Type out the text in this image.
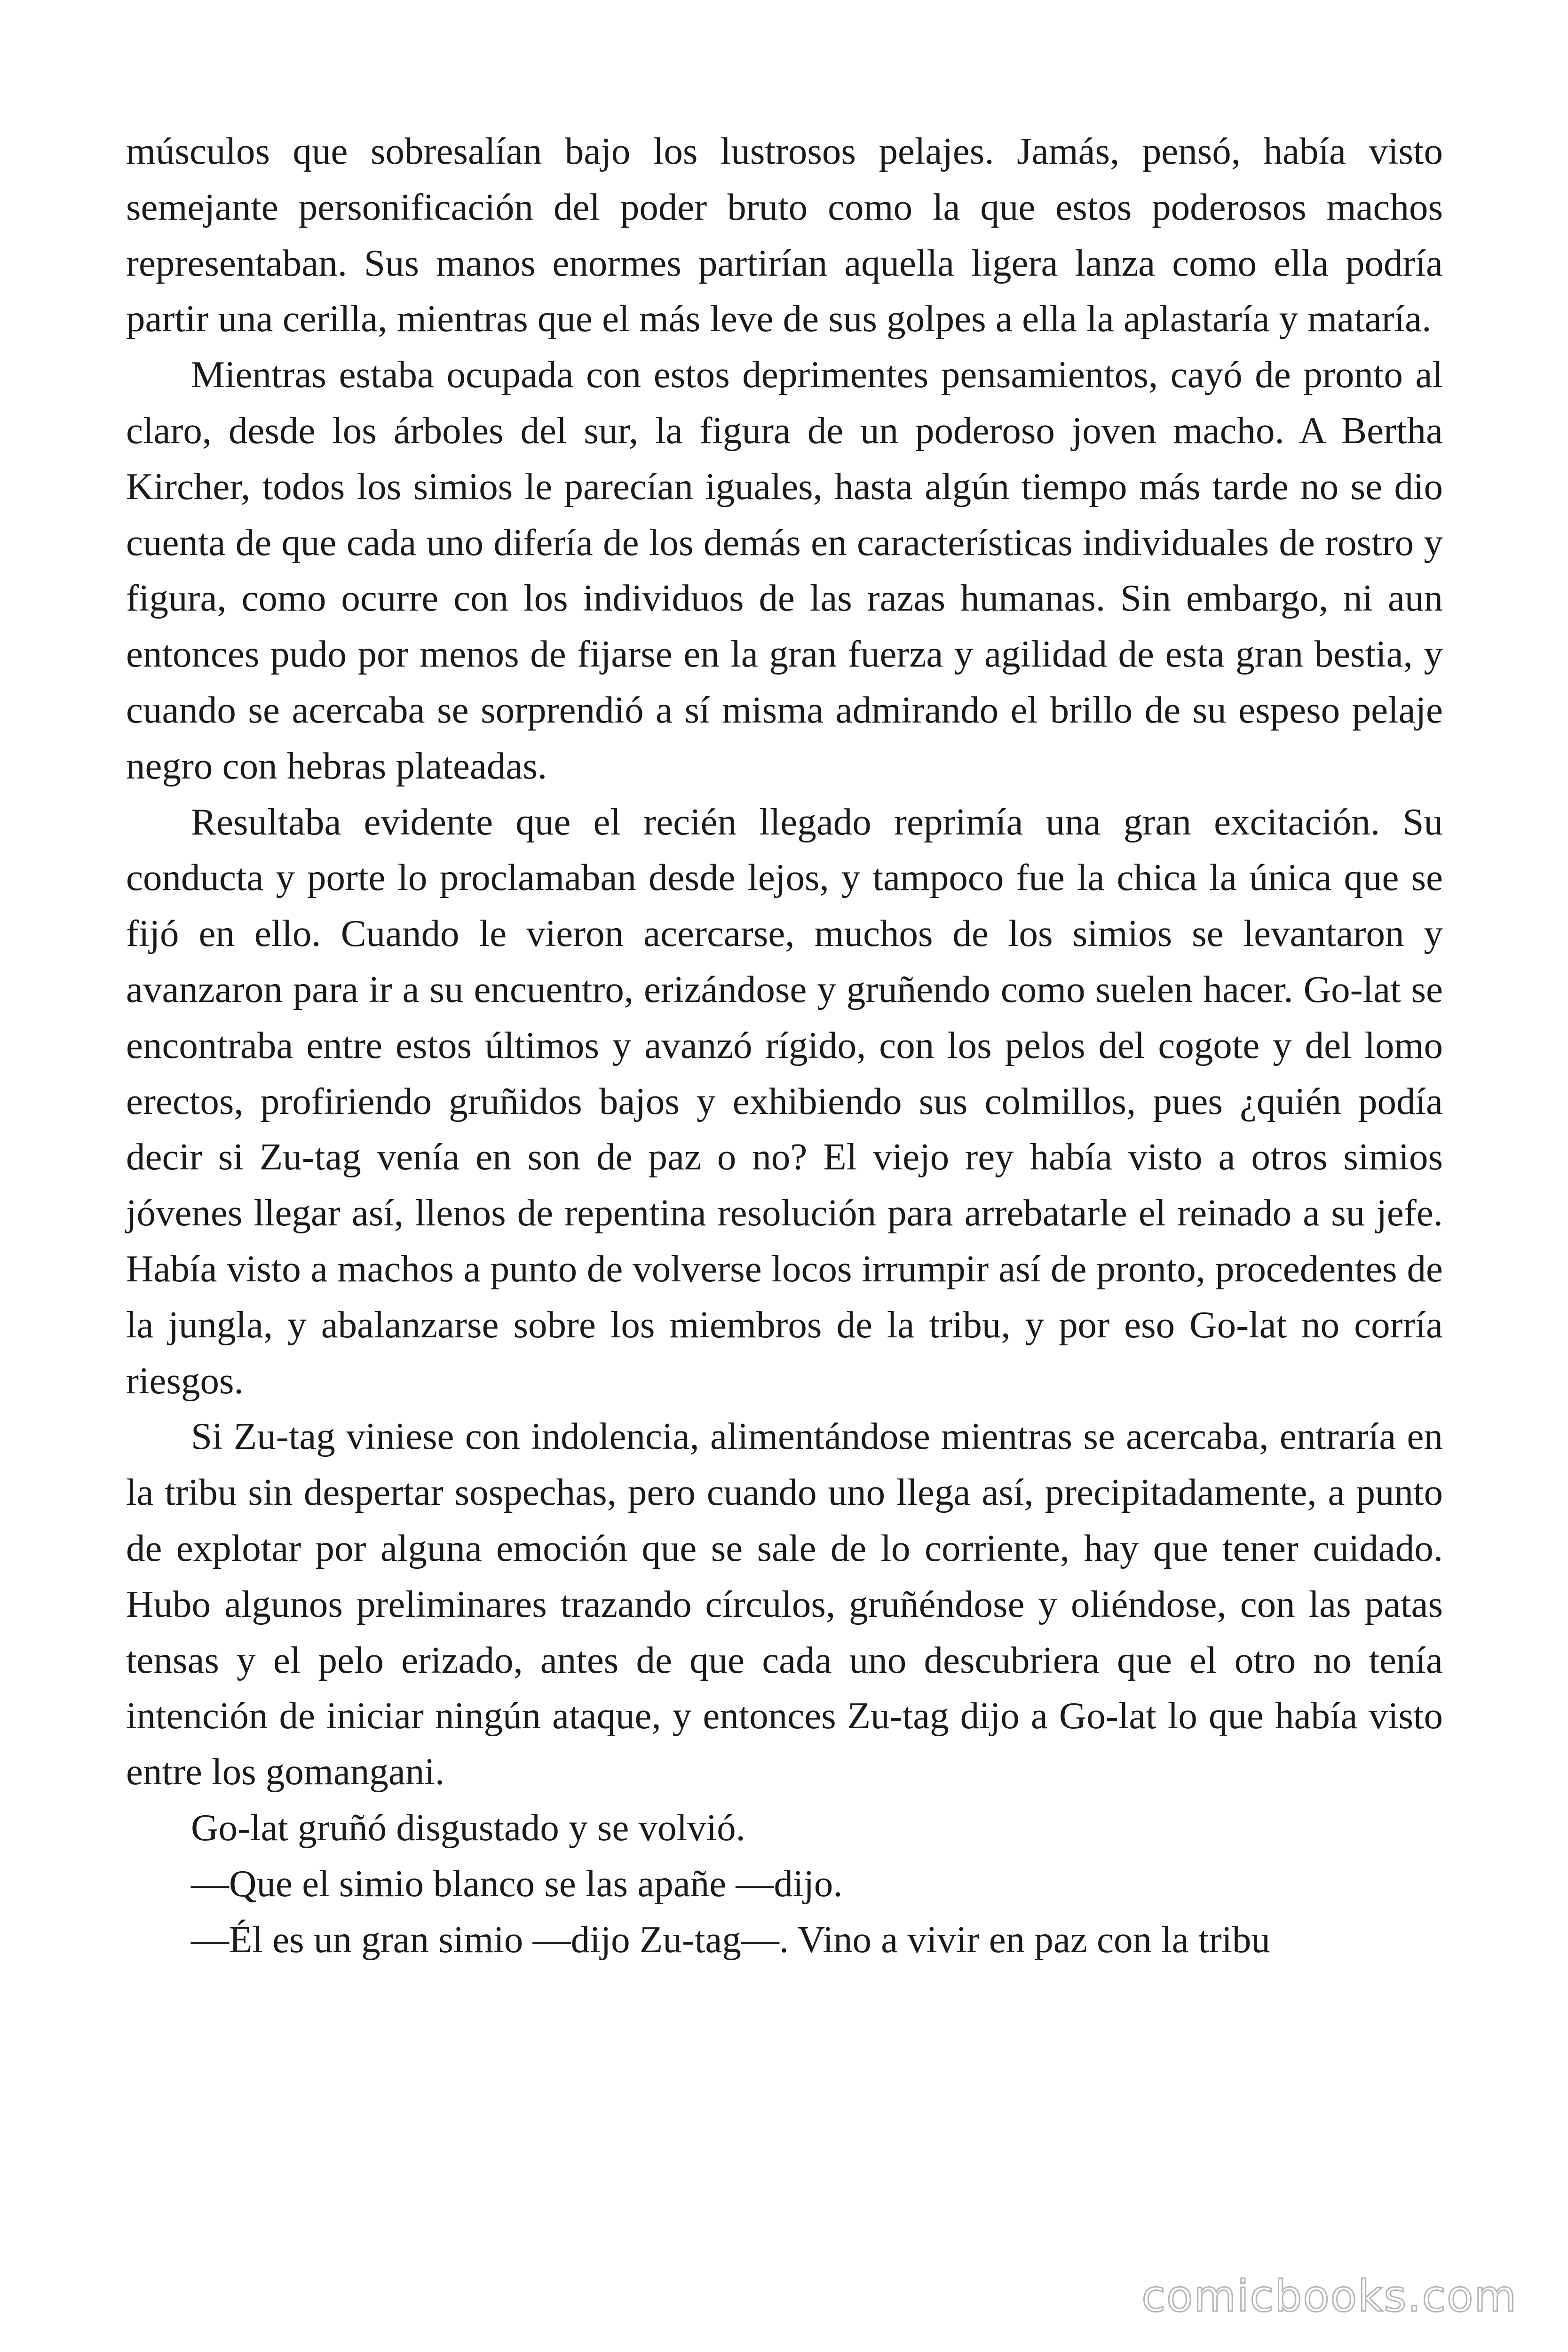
músculos que sobresalían bajo los lustrosos pelajes. Jamás, pensó, había visto semejante personificación del poder bruto como la que estos poderosos machos representaban. Sus manos enormes partirían aquella ligera lanza como ella podría partir una cerilla, mientras que el más leve de sus golpes a ella la aplastaría y mataría.

Mientras estaba ocupada con estos deprimentes pensamientos, cayó de pronto al claro, desde los árboles del sur, la figura de un poderoso joven macho. A Bertha Kircher, todos los simios le parecían iguales, hasta algún tiempo más tarde no se dio cuenta de que cada uno difería de los demás en características individuales de rostro y figura, como ocurre con los individuos de las razas humanas. Sin embargo, ni aun entonces pudo por menos de fijarse en la gran fuerza y agilidad de esta gran bestia, y cuando se acercaba se sorprendió a sí misma admirando el brillo de su espeso pelaje negro con hebras plateadas.

Resultaba evidente que el recién llegado reprimía una gran excitación. Su conducta y porte lo proclamaban desde lejos, y tampoco fue la chica la única que se fijó en ello. Cuando le vieron acercarse, muchos de los simios se levantaron y avanzaron para ir a su encuentro, erizándose y gruñendo como suelen hacer. Go-lat se encontraba entre estos últimos y avanzó rígido, con los pelos del cogote y del lomo erectos, profiriendo gruñidos bajos y exhibiendo sus colmillos, pues ¿quién podía decir si Zu-tag venía en son de paz o no? El viejo rey había visto a otros simios jóvenes llegar así, llenos de repentina resolución para arrebatarle el reinado a su jefe. Había visto a machos a punto de volverse locos irrumpir así de pronto, procedentes de la jungla, y abalanzarse sobre los miembros de la tribu, y por eso Go-lat no corría riesgos.

Si Zu-tag viniese con indolencia, alimentándose mientras se acercaba, entraría en la tribu sin despertar sospechas, pero cuando uno llega así, precipitadamente, a punto de explotar por alguna emoción que se sale de lo corriente, hay que tener cuidado. Hubo algunos preliminares trazando círculos, gruñéndose y oliéndose, con las patas tensas y el pelo erizado, antes de que cada uno descubriera que el otro no tenía intención de iniciar ningún ataque, y entonces Zu-tag dijo a Go-lat lo que había visto entre los gomangani.

Go-lat gruñó disgustado y se volvió.

—Que el simio blanco se las apañe —dijo.

—Él es un gran simio —dijo Zu-tag—. Vino a vivir en paz con la tribu

comicbooks.com
